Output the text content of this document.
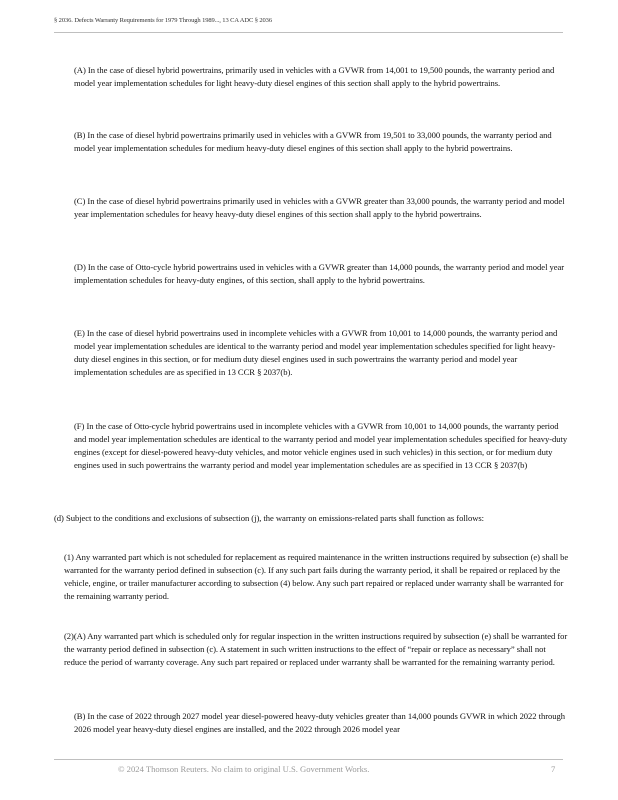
§ 2036. Defects Warranty Requirements for 1979 Through 1989..., 13 CA ADC § 2036
(A) In the case of diesel hybrid powertrains, primarily used in vehicles with a GVWR from 14,001 to 19,500 pounds, the warranty period and model year implementation schedules for light heavy-duty diesel engines of this section shall apply to the hybrid powertrains.
(B) In the case of diesel hybrid powertrains primarily used in vehicles with a GVWR from 19,501 to 33,000 pounds, the warranty period and model year implementation schedules for medium heavy-duty diesel engines of this section shall apply to the hybrid powertrains.
(C) In the case of diesel hybrid powertrains primarily used in vehicles with a GVWR greater than 33,000 pounds, the warranty period and model year implementation schedules for heavy heavy-duty diesel engines of this section shall apply to the hybrid powertrains.
(D) In the case of Otto-cycle hybrid powertrains used in vehicles with a GVWR greater than 14,000 pounds, the warranty period and model year implementation schedules for heavy-duty engines, of this section, shall apply to the hybrid powertrains.
(E) In the case of diesel hybrid powertrains used in incomplete vehicles with a GVWR from 10,001 to 14,000 pounds, the warranty period and model year implementation schedules are identical to the warranty period and model year implementation schedules specified for light heavy-duty diesel engines in this section, or for medium duty diesel engines used in such powertrains the warranty period and model year implementation schedules are as specified in 13 CCR § 2037(b).
(F) In the case of Otto-cycle hybrid powertrains used in incomplete vehicles with a GVWR from 10,001 to 14,000 pounds, the warranty period and model year implementation schedules are identical to the warranty period and model year implementation schedules specified for heavy-duty engines (except for diesel-powered heavy-duty vehicles, and motor vehicle engines used in such vehicles) in this section, or for medium duty engines used in such powertrains the warranty period and model year implementation schedules are as specified in 13 CCR § 2037(b)
(d) Subject to the conditions and exclusions of subsection (j), the warranty on emissions-related parts shall function as follows:
(1) Any warranted part which is not scheduled for replacement as required maintenance in the written instructions required by subsection (e) shall be warranted for the warranty period defined in subsection (c). If any such part fails during the warranty period, it shall be repaired or replaced by the vehicle, engine, or trailer manufacturer according to subsection (4) below. Any such part repaired or replaced under warranty shall be warranted for the remaining warranty period.
(2)(A) Any warranted part which is scheduled only for regular inspection in the written instructions required by subsection (e) shall be warranted for the warranty period defined in subsection (c). A statement in such written instructions to the effect of “repair or replace as necessary” shall not reduce the period of warranty coverage. Any such part repaired or replaced under warranty shall be warranted for the remaining warranty period.
(B) In the case of 2022 through 2027 model year diesel-powered heavy-duty vehicles greater than 14,000 pounds GVWR in which 2022 through 2026 model year heavy-duty diesel engines are installed, and the 2022 through 2026 model year
© 2024 Thomson Reuters. No claim to original U.S. Government Works.	7
